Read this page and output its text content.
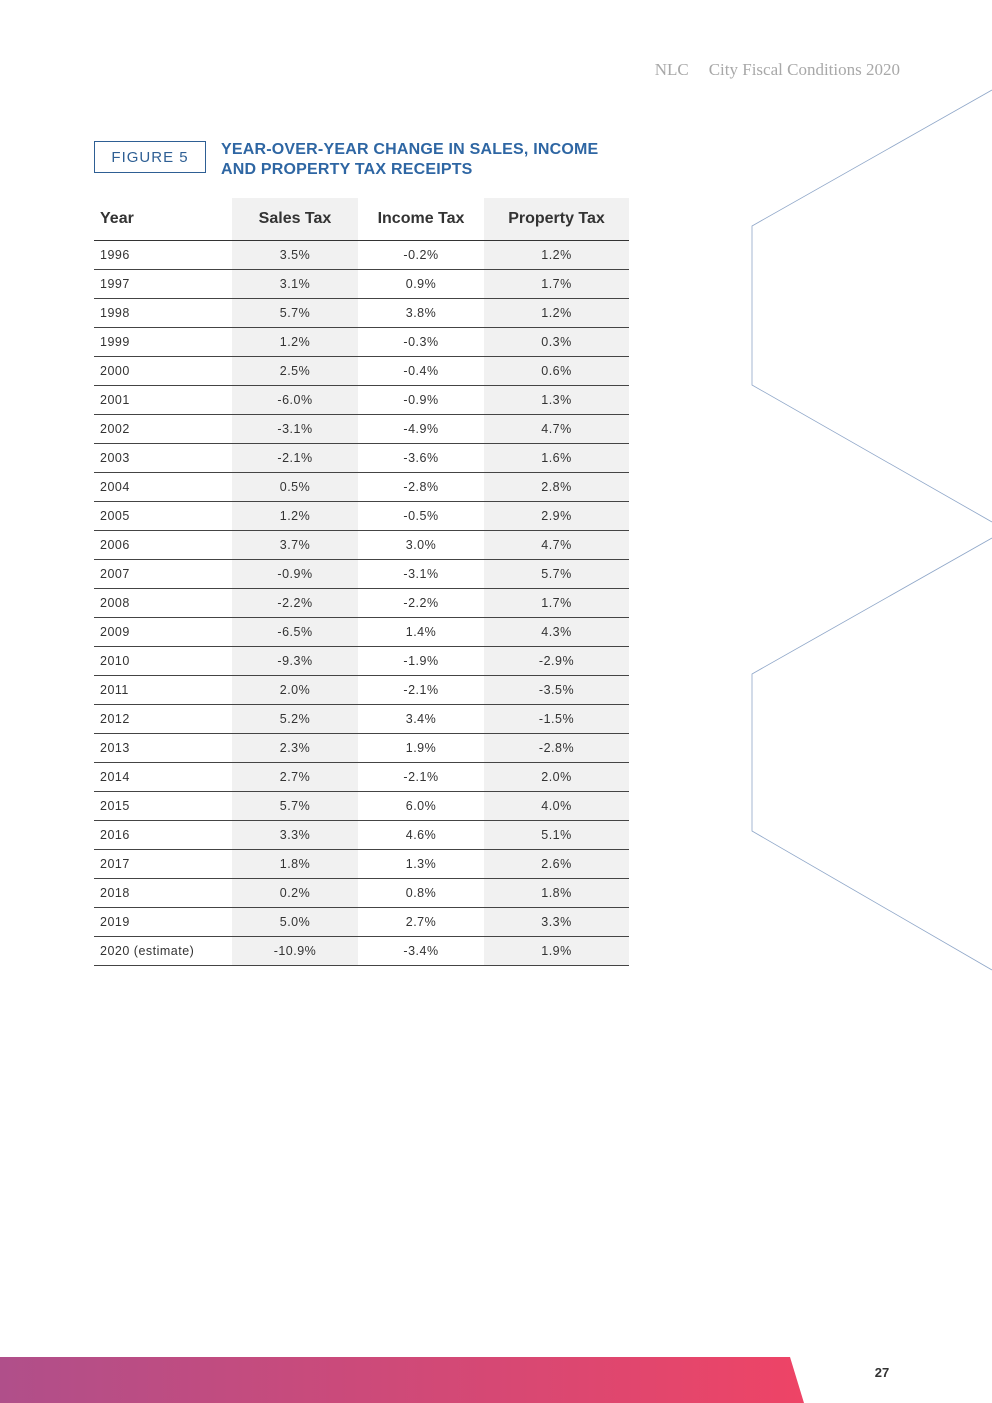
NLC City Fiscal Conditions 2020
FIGURE 5	YEAR-OVER-YEAR CHANGE IN SALES, INCOME
AND PROPERTY TAX RECEIPTS
Year	Sales Tax	Income Tax	Property Tax
1996	3.5%	-0.2%	1.2%
1997	3.1%	0.9%	1.7%
1998	5.7%	3.8%	1.2%
1999	1.2%	-0.3%	0.3%
2000	2.5%	-0.4%	0.6%
2001	-6.0%	-0.9%	1.3%
2002	-3.1%	-4.9%	4.7%
2003	-2.1%	-3.6%	1.6%
2004	0.5%	-2.8%	2.8%
2005	1.2%	-0.5%	2.9%
2006	3.7%	3.0%	4.7%
2007	-0.9%	-3.1%	5.7%
2008	-2.2%	-2.2%	1.7%
2009	-6.5%	1.4%	4.3%
2010	-9.3%	-1.9%	-2.9%
2011	2.0%	-2.1%	-3.5%
2012	5.2%	3.4%	-1.5%
2013	2.3%	1.9%	-2.8%
2014	2.7%	-2.1%	2.0%
2015	5.7%	6.0%	4.0%
2016	3.3%	4.6%	5.1%
2017	1.8%	1.3%	2.6%
2018	0.2%	0.8%	1.8%
2019	5.0%	2.7%	3.3%
2020 (estimate)	-10.9%	-3.4%	1.9%
27
